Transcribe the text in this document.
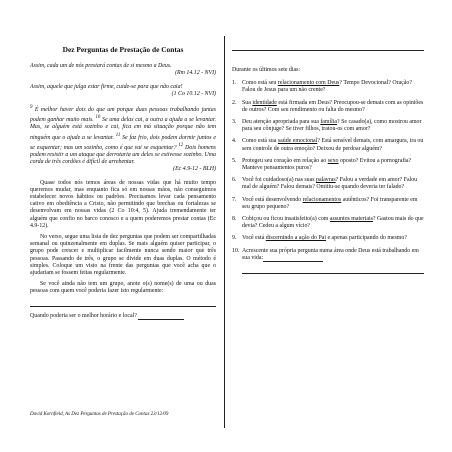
Dez Perguntas de Prestação de Contas
Assim, cada um de nós prestará contas de si mesmo a Deus.
(Rm 14.12 - NVI)
Assim, aquele que julga estar firme, cuide-se para que não caia!
(1 Co 10.12 - NVI)
$^9$ É melhor haver dois do que um porque duas pessoas trabalhando juntas podem ganhar muito mais. $^{10}$ Se uma delas cai, a outra a ajuda a se levantar. Mas, se alguém está sozinho e cai, fica em má situação porque não tem ninguém que o ajude a se levantar. $^{11}$ Se faz frio, dois podem dormir juntos e se esquentar; mas um sozinho, como é que vai se esquentar? $^{12}$ Dois homens podem resistir a um ataque que derrotaria um deles se estivesse sozinho. Uma corda de três cordões é difícil de arrebentar.
(Ec 4.9-12 - BLH)

Quase todos nós temos áreas de nossas vidas que há muito tempo queremos mudar, mas enquanto fica só em nossas mãos, não conseguimos estabelecer novos hábitos ou padrões. Precisamos levar cada pensamento cativo em obediência a Cristo, não permitindo que brechas ou fortalezas se desenvolvam em nossas vidas (2 Co 10:4, 5). Ajuda tremendamente ter alguém que confio no barco conosco e a quem poderemos prestar contas (Ec 4.9-12).

No verso, segue uma lista de dez perguntas que podem ser compartilhadas semanal ou quinzenalmente em duplas. Se mais alguém quiser participar, o grupo pode crescer e multiplicar facilmente nunca sendo maior que três pessoas. Passando de três, o grupo se divide em duas duplas. O método é simples. Coloque um visto na frente das perguntas que você acha que o ajudariam se fossem feitas regularmente.

Se você ainda não tem um grupo, anote o(s) nome(s) de uma ou duas pessoas com quem você poderia fazer isto regularmente:

Quando poderia ser o melhor horário e local?
Durante os últimos sete dias:
1. Como está seu relacionamento com Deus? Tempo Devocional? Oração? Falou de Jesus para um não crente?
2. Sua identidade está firmada em Deus? Preocupou-se demais com as opiniões de outros? Com seu rendimento ou falta do mesmo?
3. Deu atenção apropriada para sua família? Se casado(a), como mostrou amor para seu cônjuge? Se tiver filhos, tratou-os com amor?
4. Como está sua saúde emocional? Está sensível demais, com amargura, ira ou sem controle de outra emoção? Deixou de perdoar alguém?
5. Protegeu seu coração em relação ao sexo oposto? Evitou a pornografia? Manteve pensamentos puros?
6. Você foi cuidadoso(a) nas suas palavras? Falou a verdade em amor? Falou mal de alguém? Falou demais? Omitiu-se quando deveria ter falado?
7. Você está desenvolvendo relacionamentos autênticos? Foi transparente em seu grupo pequeno?
8. Cobiçou ou ficou insatisfeito(a) com assuntos materiais? Gastou mais do que devia? Cedeu a algum vício?
9. Você está discernindo a ação do Pai e apenas participando do mesmo?
10. Acrescente sua própria pergunta numa área onde Deus está trabalhando em sua vida:
David Kornfield, As Dez Perguntas de Prestação de Contas 23/12/09
